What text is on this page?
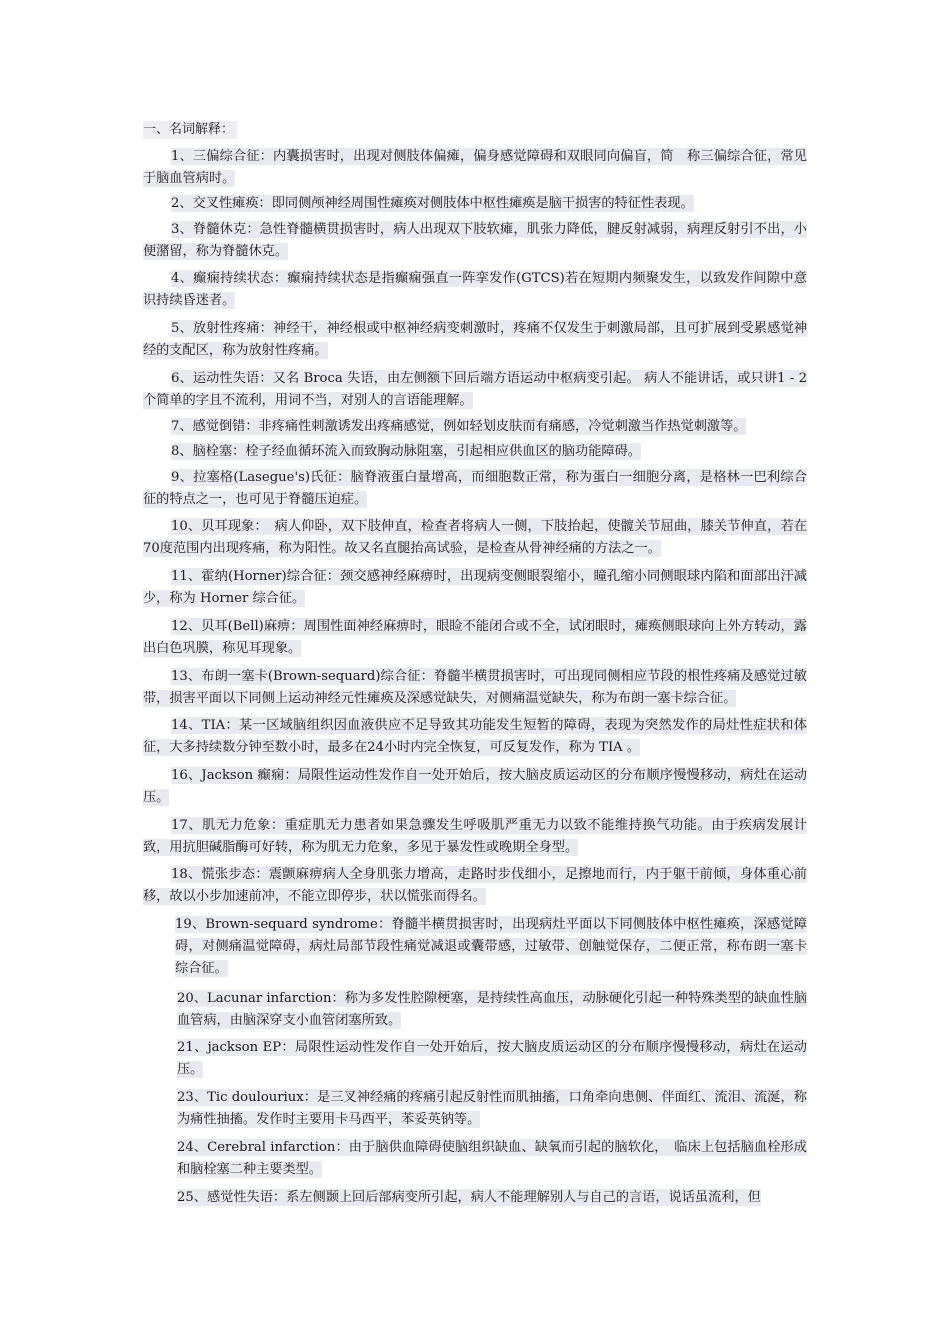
一、名词解释：
1、三偏综合征：内囊损害时，出现对侧肢体偏瘫，偏身感觉障碍和双眼同向偏盲，简　称三偏综合征，常见于脑血管病时。
2、交叉性瘫痪：即同侧颅神经周围性瘫痪对侧肢体中枢性瘫痪是脑干损害的特征性表现。
3、脊髓休克：急性脊髓横贯损害时，病人出现双下肢软瘫，肌张力降低，腱反射减弱，病理反射引不出，小便潴留，称为脊髓休克。
4、癫痫持续状态：癫痫持续状态是指癫痫强直一阵挛发作(GTCS)若在短期内频聚发生，以致发作间隙中意识持续昏迷者。
5、放射性疼痛：神经干，神经根或中枢神经病变刺激时，疼痛不仅发生于刺激局部，且可扩展到受累感觉神经的支配区，称为放射性疼痛。
6、运动性失语：又名 Broca 失语，由左侧额下回后端方语运动中枢病变引起。 病人不能讲话，或只讲1 - 2个简单的字且不流利，用词不当，对别人的言语能理解。
7、感觉倒错：非疼痛性刺激诱发出疼痛感觉，例如轻划皮肤而有痛感，冷觉刺激当作热觉刺激等。
8、脑栓塞：栓子经血循环流入而致胸动脉阻塞，引起相应供血区的脑功能障碍。
9、拉塞格(Lasegue's)氏征：脑脊液蛋白量增高，而细胞数正常，称为蛋白一细胞分离，是格林一巴利综合征的特点之一，也可见于脊髓压迫症。
10、贝耳现象：　病人仰卧，双下肢伸直，检查者将病人一侧，下肢抬起，使髋关节屈曲，膝关节伸直，若在70度范围内出现疼痛，称为阳性。故又名直腿抬高试验，是检查从骨神经痛的方法之一。
11、霍纳(Horner)综合征：颈交感神经麻痹时，出现病变侧眼裂缩小，瞳孔缩小同侧眼球内陷和面部出汗减少，称为 Horner 综合征。
12、贝耳(Bell)麻痹：周围性面神经麻痹时，眼睑不能闭合或不全，试闭眼时，瘫痪侧眼球向上外方转动，露出白色巩膜，称见耳现象。
13、布朗一塞卡(Brown-sequard)综合征：脊髓半横贯损害时，可出现同侧相应节段的根性疼痛及感觉过敏带，损害平面以下同侧上运动神经元性瘫痪及深感觉缺失，对侧痛温觉缺失，称为布朗一塞卡综合征。
14、TIA：某一区域脑组织因血液供应不足导致其功能发生短暂的障碍，表现为突然发作的局灶性症状和体征，大多持续数分钟至数小时，最多在24小时内完全恢复，可反复发作，称为 TIA 。
16、Jackson 癫痫：局限性运动性发作自一处开始后，按大脑皮质运动区的分布顺序慢慢移动，病灶在运动压。
17、肌无力危象：重症肌无力患者如果急骤发生呼吸肌严重无力以致不能维持换气功能。由于疾病发展计致，用抗胆碱脂酶可好转，称为肌无力危象，多见于暴发性或晚期全身型。
18、慌张步态：震颤麻痹病人全身肌张力增高，走路时步伐细小，足擦地而行，内于躯干前倾，身体重心前移，故以小步加速前冲，不能立即停步，状以慌张而得名。
19、Brown-sequard syndrome：脊髓半横贯损害时，出现病灶平面以下同侧肢体中枢性瘫痪，深感觉障碍，对侧痛温觉障碍，病灶局部节段性痛觉减退或囊带感，过敏带、创触觉保存，二便正常，称布朗一塞卡综合征。
20、Lacunar infarction：称为多发性腔隙梗塞，是持续性高血压，动脉硬化引起一种特殊类型的缺血性脑血管病，由脑深穿支小血管闭塞所致。
21、jackson EP：局限性运动性发作自一处开始后，按大脑皮质运动区的分布顺序慢慢移动，病灶在运动压。
23、Tic doulouriux：是三叉神经痛的疼痛引起反射性而肌抽搐，口角牵向患侧、伴面红、流泪、流涎，称为痛性抽搐。发作时主要用卡马西平，苯妥英钠等。
24、Cerebral infarction：由于脑供血障碍使脑组织缺血、缺氧而引起的脑软化，　临床上包括脑血栓形成和脑栓塞二种主要类型。
25、感觉性失语：系左侧颞上回后部病变所引起，病人不能理解别人与自己的言语，说话虽流利，但
